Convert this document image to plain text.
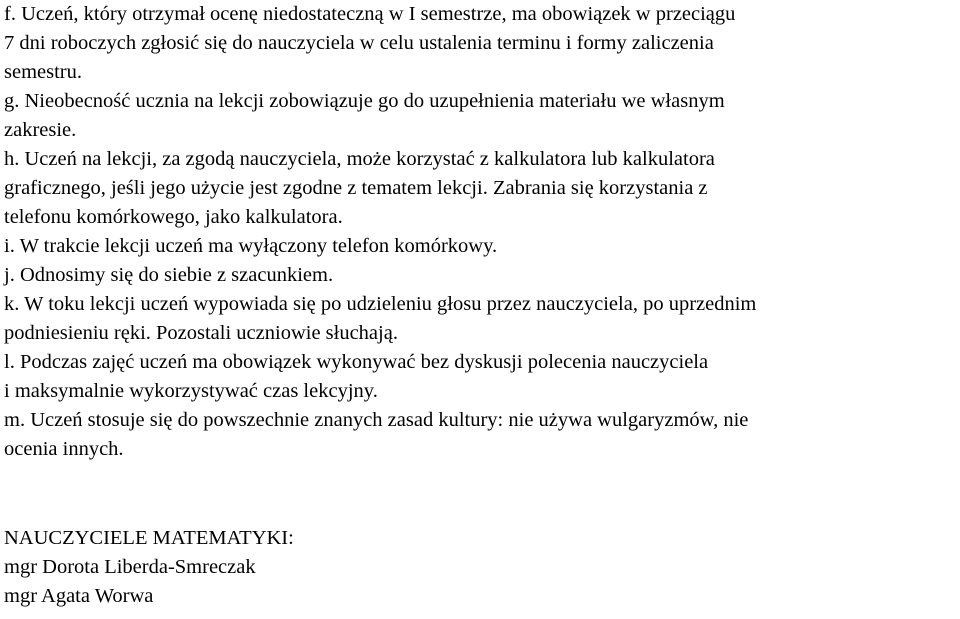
f. Uczeń, który otrzymał ocenę niedostateczną w I semestrze, ma obowiązek w przeciągu
7 dni roboczych zgłosić się do nauczyciela w celu ustalenia terminu i formy zaliczenia
semestru.
g. Nieobecność ucznia na lekcji zobowiązuje go do uzupełnienia materiału we własnym
zakresie.
h. Uczeń na lekcji, za zgodą nauczyciela, może korzystać z kalkulatora lub kalkulatora
graficznego, jeśli jego użycie jest zgodne z tematem lekcji. Zabrania się korzystania z
telefonu komórkowego, jako kalkulatora.
i. W trakcie lekcji uczeń ma wyłączony telefon komórkowy.
j. Odnosimy się do siebie z szacunkiem.
k. W toku lekcji uczeń wypowiada się po udzieleniu głosu przez nauczyciela, po uprzednim
podniesieniu ręki. Pozostali uczniowie słuchają.
l. Podczas zajęć uczeń ma obowiązek wykonywać bez dyskusji polecenia nauczyciela
i maksymalnie wykorzystywać czas lekcyjny.
m. Uczeń stosuje się do powszechnie znanych zasad kultury: nie używa wulgaryzmów, nie
ocenia innych.
NAUCZYCIELE MATEMATYKI:
mgr Dorota Liberda-Smreczak
mgr Agata Worwa
